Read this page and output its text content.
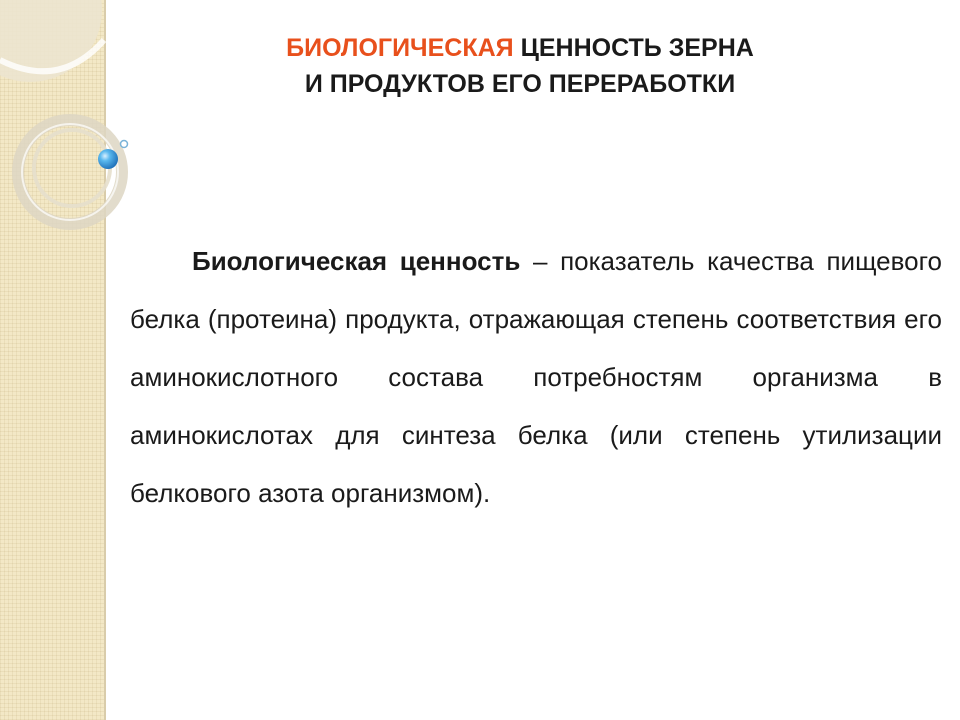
БИОЛОГИЧЕСКАЯ ЦЕННОСТЬ ЗЕРНА
И ПРОДУКТОВ ЕГО ПЕРЕРАБОТКИ

Биологическая ценность – показатель качества пищевого белка (протеина) продукта, отражающая степень соответствия его аминокислотного состава потребностям организма в аминокислотах для синтеза белка (или степень утилизации белкового азота организмом).
